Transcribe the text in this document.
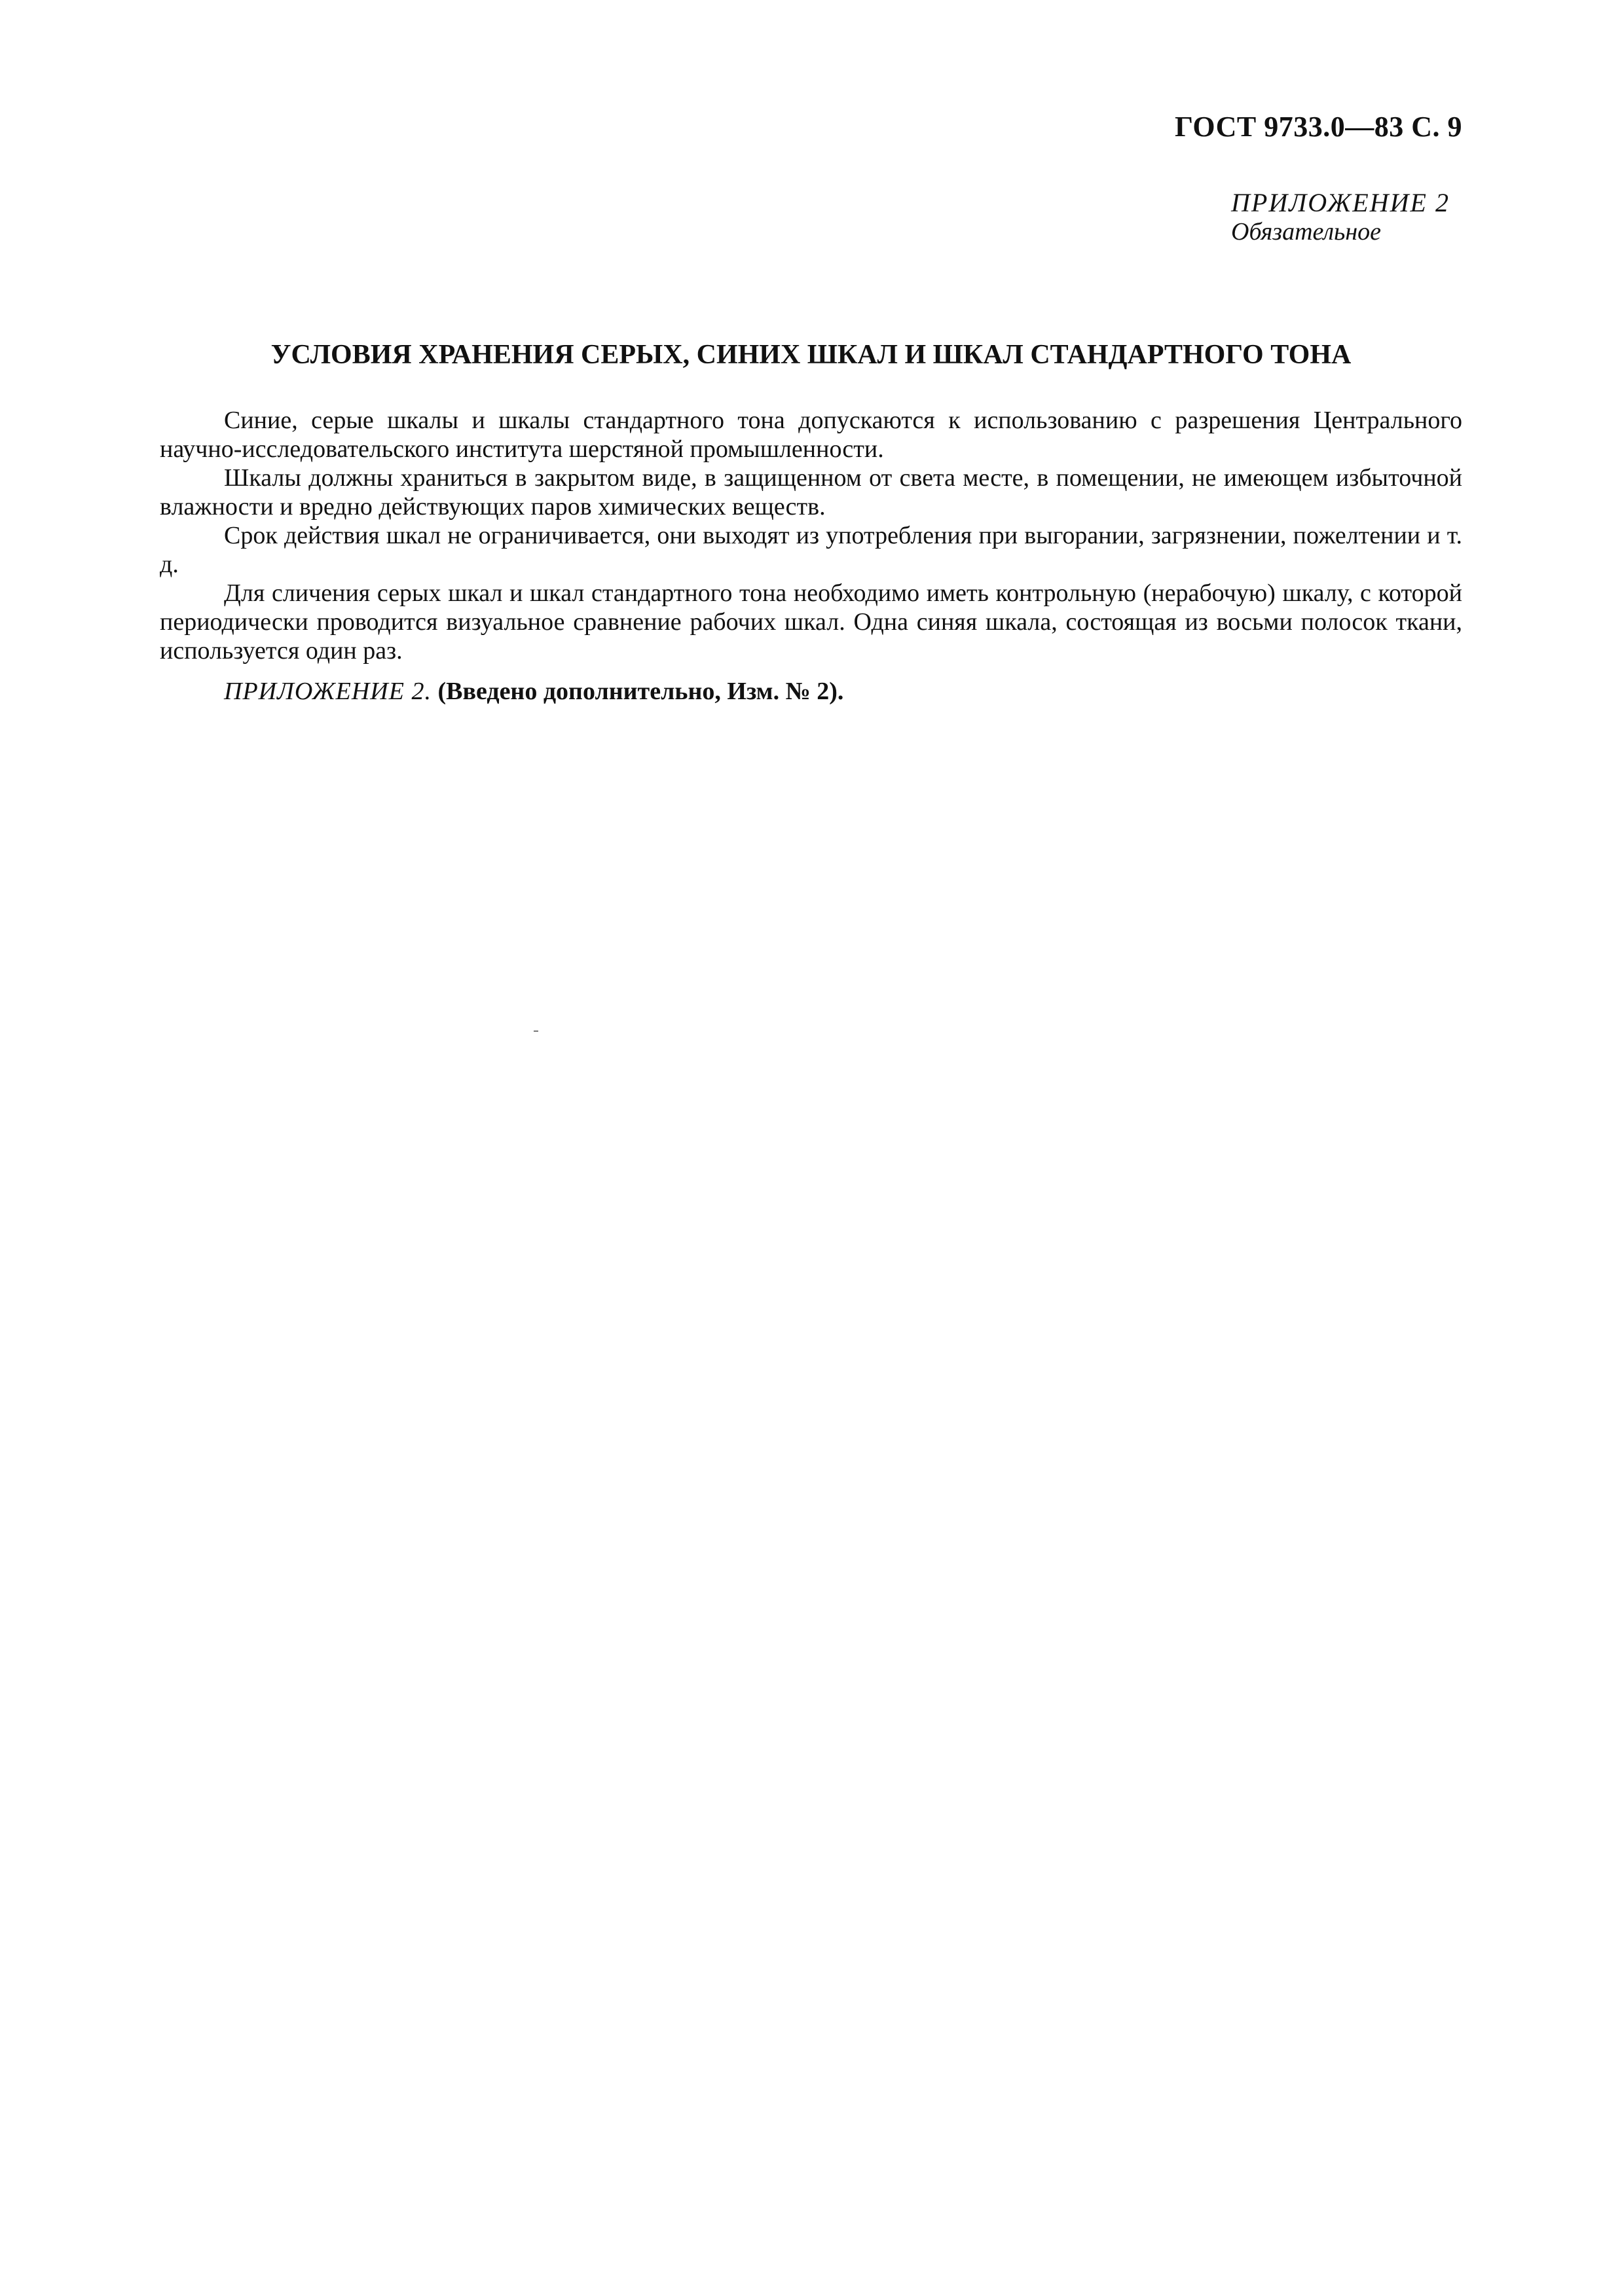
ГОСТ 9733.0—83 С. 9
ПРИЛОЖЕНИЕ 2
Обязательное
УСЛОВИЯ ХРАНЕНИЯ СЕРЫХ, СИНИХ ШКАЛ И ШКАЛ СТАНДАРТНОГО ТОНА

Синие, серые шкалы и шкалы стандартного тона допускаются к использованию с разрешения Центрального научно-исследовательского института шерстяной промышленности.

Шкалы должны храниться в закрытом виде, в защищенном от света месте, в помещении, не имеющем избыточной влажности и вредно действующих паров химических веществ.

Срок действия шкал не ограничивается, они выходят из употребления при выгорании, загрязнении, пожелтении и т. д.

Для сличения серых шкал и шкал стандартного тона необходимо иметь контрольную (нерабочую) шкалу, с которой периодически проводится визуальное сравнение рабочих шкал. Одна синяя шкала, состоящая из восьми полосок ткани, используется один раз.

ПРИЛОЖЕНИЕ 2. (Введено дополнительно, Изм. № 2).
